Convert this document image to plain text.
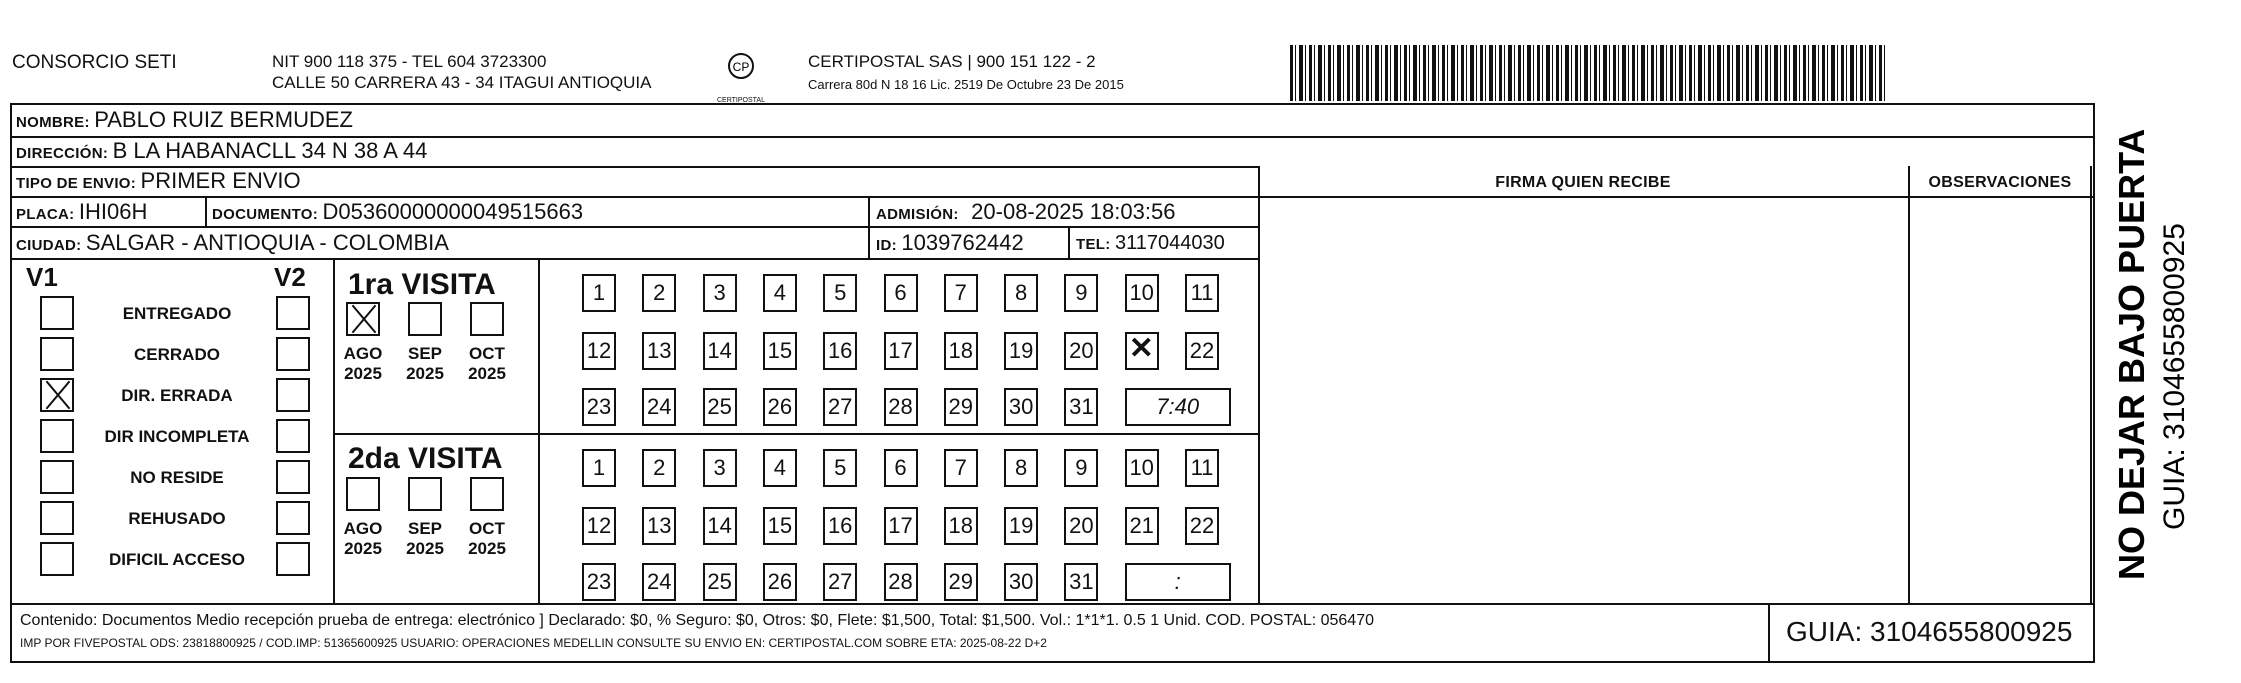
CONSORCIO SETI	NIT 900 118 375 - TEL 604 3723300
CALLE 50 CARRERA 43 - 34 ITAGUI ANTIOQUIA
CP
CERTIPOSTAL
CERTIPOSTAL SAS | 900 151 122 - 2
Carrera 80d N 18 16 Lic. 2519 De Octubre 23 De 2015
NOMBRE: PABLO RUIZ BERMUDEZ
DIRECCIÓN: B LA HABANACLL 34 N 38 A 44
TIPO DE ENVIO: PRIMER ENVIO
PLACA: IHI06H	DOCUMENTO: D05360000000049515663	ADMISIÓN: 20-08-2025 18:03:56
CIUDAD: SALGAR - ANTIOQUIA - COLOMBIA	ID: 1039762442	TEL: 3117044030
FIRMA QUIEN RECIBE	OBSERVACIONES	NO DEJAR BAJO PUERTA GUIA: 3104655800925
V1	V2
ENTREGADO
CERRADO
DIR. ERRADA
DIR INCOMPLETA
NO RESIDE
REHUSADO
DIFICIL ACCESO
1ra VISITA
AGO
2025
SEP
2025
OCT
2025
1	2	3	4	5	6	7	8	9	10 11
12 13 14 15 16 17 18 19 20
✕	22
23 24 25 26 27 28 29 30 31	7:40
2da VISITA
AGO
2025
SEP
2025
OCT
2025
1	2	3	4	5	6	7	8	9	10 11
12 13 14 15 16 17 18 19 20 21 22
23 24 25 26 27 28 29 30 31	:
Contenido: Documentos Medio recepción prueba de entrega: electrónico ] Declarado: $0, % Seguro: $0, Otros: $0, Flete: $1,500, Total: $1,500. Vol.: 1*1*1. 0.5 1 Unid. COD. POSTAL: 056470
IMP POR FIVEPOSTAL ODS: 23818800925 / COD.IMP: 51365600925 USUARIO: OPERACIONES MEDELLIN CONSULTE SU ENVIO EN: CERTIPOSTAL.COM SOBRE ETA: 2025-08-22 D+2	GUIA: 3104655800925
